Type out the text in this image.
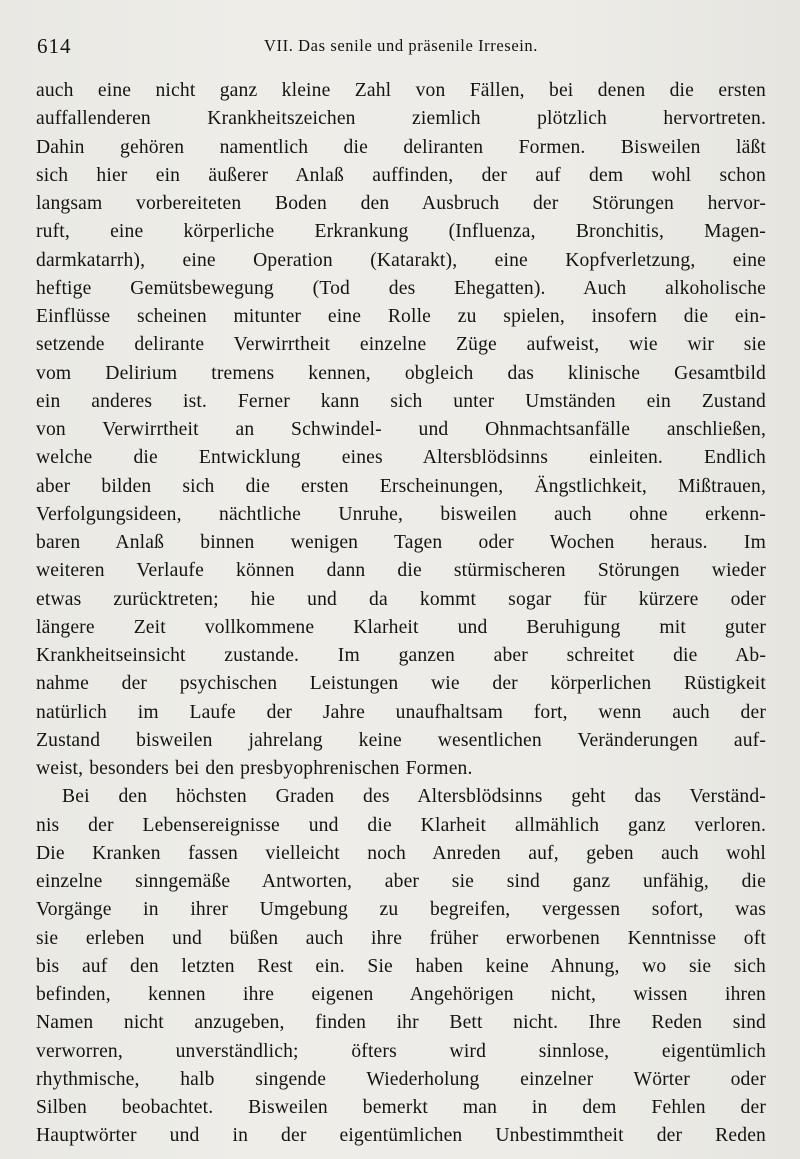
614	VII. Das senile und präsenile Irresein.
auch eine nicht ganz kleine Zahl von Fällen, bei denen die ersten
auffallenderen Krankheitszeichen ziemlich plötzlich hervortreten.
Dahin gehören namentlich die deliranten Formen. Bisweilen läßt
sich hier ein äußerer Anlaß auffinden, der auf dem wohl schon
langsam vorbereiteten Boden den Ausbruch der Störungen hervor-
ruft, eine körperliche Erkrankung (Influenza, Bronchitis, Magen-
darmkatarrh), eine Operation (Katarakt), eine Kopfverletzung, eine
heftige Gemütsbewegung (Tod des Ehegatten). Auch alkoholische
Einflüsse scheinen mitunter eine Rolle zu spielen, insofern die ein-
setzende delirante Verwirrtheit einzelne Züge aufweist, wie wir sie
vom Delirium tremens kennen, obgleich das klinische Gesamtbild
ein anderes ist. Ferner kann sich unter Umständen ein Zustand
von Verwirrtheit an Schwindel- und Ohnmachtsanfälle anschließen,
welche die Entwicklung eines Altersblödsinns einleiten. Endlich
aber bilden sich die ersten Erscheinungen, Ängstlichkeit, Mißtrauen,
Verfolgungsideen, nächtliche Unruhe, bisweilen auch ohne erkenn-
baren Anlaß binnen wenigen Tagen oder Wochen heraus. Im
weiteren Verlaufe können dann die stürmischeren Störungen wieder
etwas zurücktreten; hie und da kommt sogar für kürzere oder
längere Zeit vollkommene Klarheit und Beruhigung mit guter
Krankheitseinsicht zustande. Im ganzen aber schreitet die Ab-
nahme der psychischen Leistungen wie der körperlichen Rüstigkeit
natürlich im Laufe der Jahre unaufhaltsam fort, wenn auch der
Zustand bisweilen jahrelang keine wesentlichen Veränderungen auf-
weist, besonders bei den presbyophrenischen Formen.
Bei den höchsten Graden des Altersblödsinns geht das Verständ-
nis der Lebensereignisse und die Klarheit allmählich ganz verloren.
Die Kranken fassen vielleicht noch Anreden auf, geben auch wohl
einzelne sinngemäße Antworten, aber sie sind ganz unfähig, die
Vorgänge in ihrer Umgebung zu begreifen, vergessen sofort, was
sie erleben und büßen auch ihre früher erworbenen Kenntnisse oft
bis auf den letzten Rest ein. Sie haben keine Ahnung, wo sie sich
befinden, kennen ihre eigenen Angehörigen nicht, wissen ihren
Namen nicht anzugeben, finden ihr Bett nicht. Ihre Reden sind
verworren, unverständlich; öfters wird sinnlose, eigentümlich
rhythmische, halb singende Wiederholung einzelner Wörter oder
Silben beobachtet. Bisweilen bemerkt man in dem Fehlen der
Hauptwörter und in der eigentümlichen Unbestimmtheit der Reden
